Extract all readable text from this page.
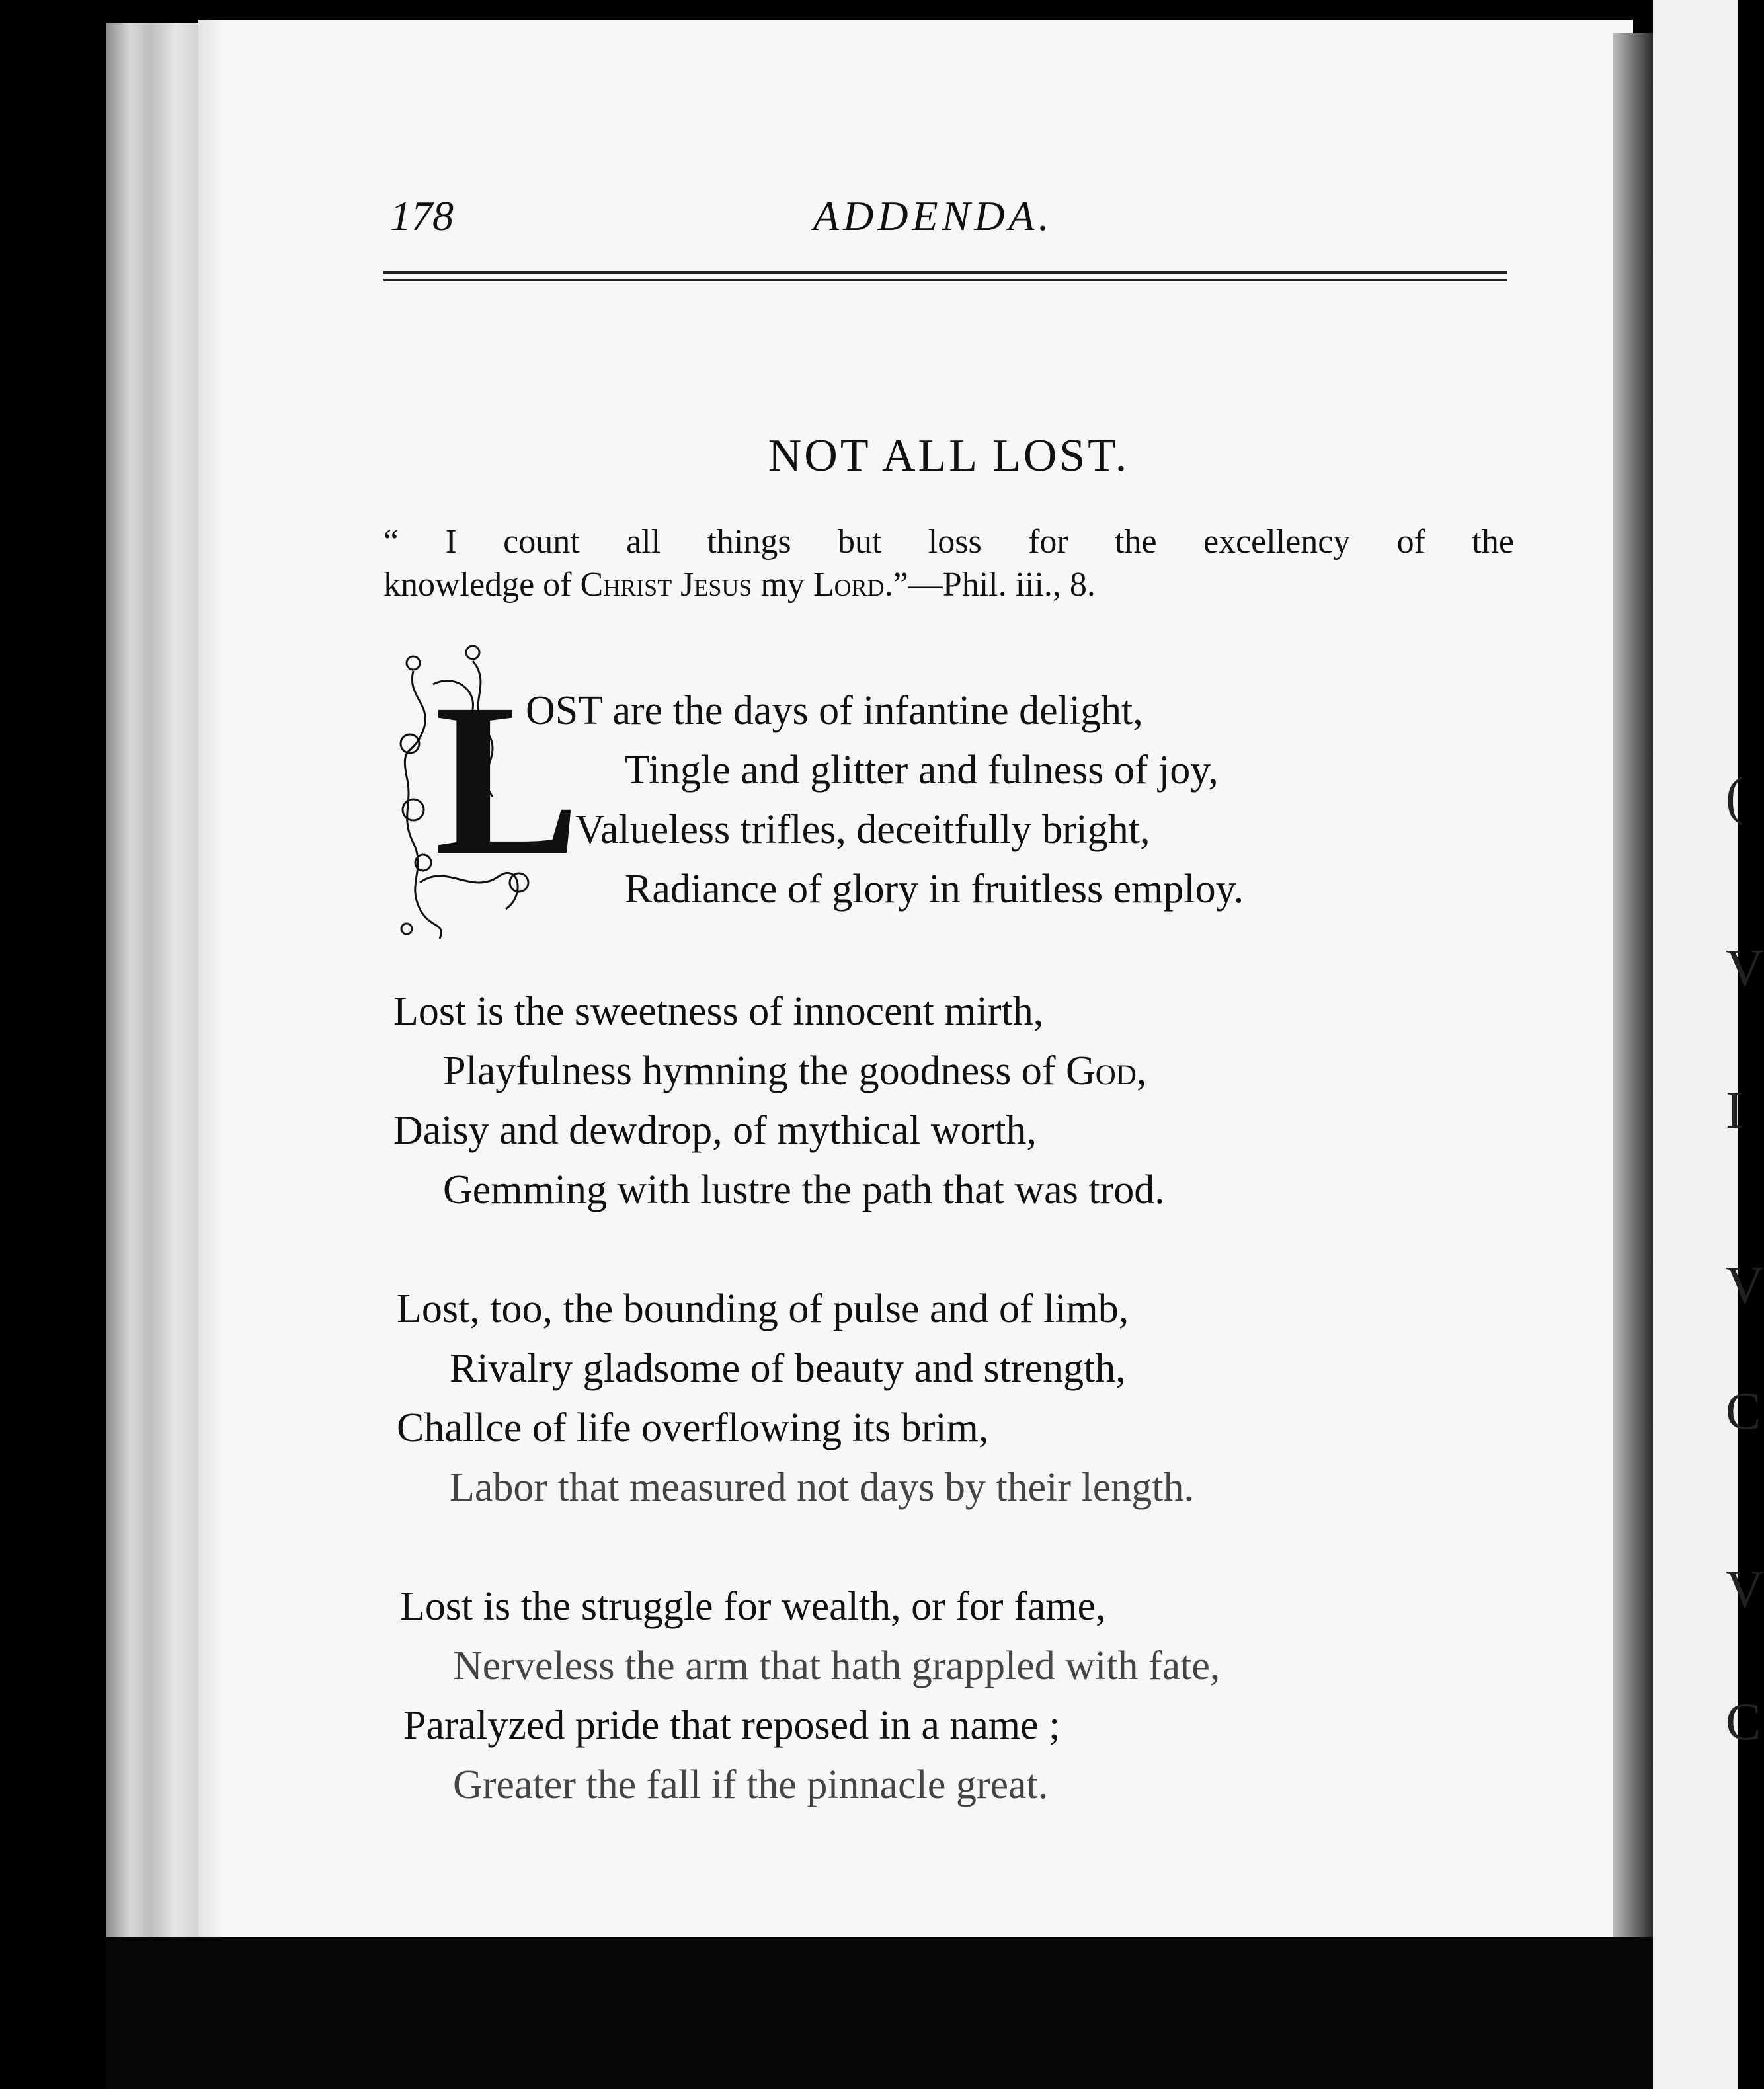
(
V
I
V
C
V
C
178	ADDENDA.
NOT ALL LOST.
“ I count all things but loss for the excellency of the
knowledge of Christ Jesus my Lord.”—Phil. iii., 8.
L
OST are the days of infantine delight,
Tingle and glitter and fulness of joy,
Valueless trifles, deceitfully bright,
Radiance of glory in fruitless employ.
Lost is the sweetness of innocent mirth,
Playfulness hymning the goodness of God,
Daisy and dewdrop, of mythical worth,
Gemming with lustre the path that was trod.
Lost, too, the bounding of pulse and of limb,
Rivalry gladsome of beauty and strength,
Challce of life overflowing its brim,
Labor that measured not days by their length.
Lost is the struggle for wealth, or for fame,
Nerveless the arm that hath grappled with fate,
Paralyzed pride that reposed in a name ;
Greater the fall if the pinnacle great.
